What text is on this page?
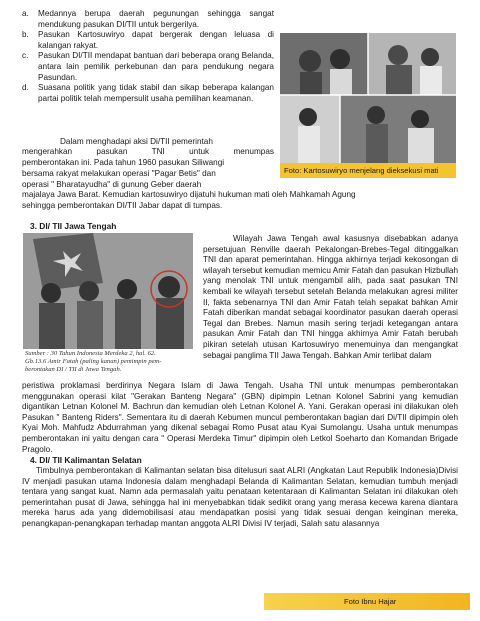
a. Medannya berupa daerah pegunungan sehingga sangat mendukung pasukan DI/TII untuk bergerilya.
b. Pasukan Kartosuwiryo dapat bergerak dengan leluasa di kalangan rakyat.
c. Pasukan DI/TII mendapat bantuan dari beberapa orang Belanda, antara lain pemilik perkebunan dan para pendukung negara Pasundan.
d. Suasana politik yang tidak stabil dan sikap beberapa kalangan partai politik telah mempersulit usaha pemilihan keamanan.

Dalam menghadapi aksi Di/TII pemerintah

mengerahkan pasukan TNI untuk menumpas

pemberontakan ini. Pada tahun 1960 pasukan Siliwangi

bersama rakyat melakukan operasi "Pagar Betis" dan

operasi " Bharatayudha" di gunung Geber daerah

majalaya Jawa Barat. Kemudian kartosuwiryo dijatuhi hukuman mati oleh Mahkamah Agung

sehingga pemberontakan DI/TII Jabar dapat di tumpas.

Foto: Kartosuwiryo menjelang dieksekusi mati
3. DI/ TII Jawa Tengah
Sumber : 30 Tahun Indonesia Merdeka 2, hal. 62.
Gb.13.6 Amir Fatah (paling kanan) pemimpin pem-
berontakan DI / TII di Jawa Tengah.

Wilayah Jawa Tengah awal kasusnya disebabkan adanya persetujuan Renville daerah Pekalongan-Brebes-Tegal ditinggalkan TNI dan aparat pemerintahan. Hingga akhirnya terjadi kekosongan di wilayah tersebut kemudian memicu Amir Fatah dan pasukan Hizbullah yang menolak TNI untuk mengambil alih, pada saat pasukan TNI kembali ke wilayah tersebut setelah Belanda melakukan agresi militer II, fakta sebenarnya TNI dan Amir Fatah telah sepakat bahkan Amir Fatah diberikan mandat sebagai koordinator pasukan daerah operasi Tegal dan Brebes. Namun masih sering terjadi ketegangan antara pasukan Amir Fatah dan TNI hingga akhirnya Amir Fatah berubah pikiran setelah utusan Kartosuwiryo menemuinya dan mengangkat sebagai panglima TII Jawa Tengah. Bahkan Amir terlibat dalam

peristiwa proklamasi berdirinya Negara Islam di Jawa Tengah. Usaha TNI untuk menumpas pemberontakan menggunakan operasi kilat "Gerakan Banteng Negara" (GBN) dipimpin Letnan Kolonel Sabrini yang kemudian digantikan Letnan Kolonel M. Bachrun dan kemudian oleh Letnan Kolonel A. Yani. Gerakan operasi ini dilakukan oleh Pasukan " Banteng Riders". Sementara itu di daerah Kebumen muncul pemberontakan bagian dari Di/TII dipimpin oleh Kyai Moh. Mahfudz Abdurrahman yang dikenal sebagai Romo Pusat atau Kyai Sumolangu. Usaha untuk menumpas pemberontakan ini yaitu dengan cara " Operasi Merdeka Timur" dipimpin oleh Letkol Soeharto dan Komandan Brigade Pragolo.

4. DI/ TII Kalimantan Selatan

Timbulnya pemberontakan di Kalimantan selatan bisa ditelusuri saat ALRI (Angkatan Laut Republik Indonesia)Divisi IV menjadi pasukan utama Indonesia dalam menghadapi Belanda di Kalimantan Selatan, kemudian tumbuh menjadi tentara yang sangat kuat. Namn ada permasalah yaitu penataan ketentaraan di Kalimantan Selatan ini dilakukan oleh pemerintahan pusat di Jawa, sehingga hal ini menyebabkan tidak sedikit orang yang merasa kecewa karena diantara mereka harus ada yang didemobilisasi atau mendapatkan posisi yang tidak sesuai dengan keinginan mereka, penangkapan-penangkapan terhadap mantan anggota ALRI Divisi IV terjadi, Salah satu alasannya

Foto Ibnu Hajar
